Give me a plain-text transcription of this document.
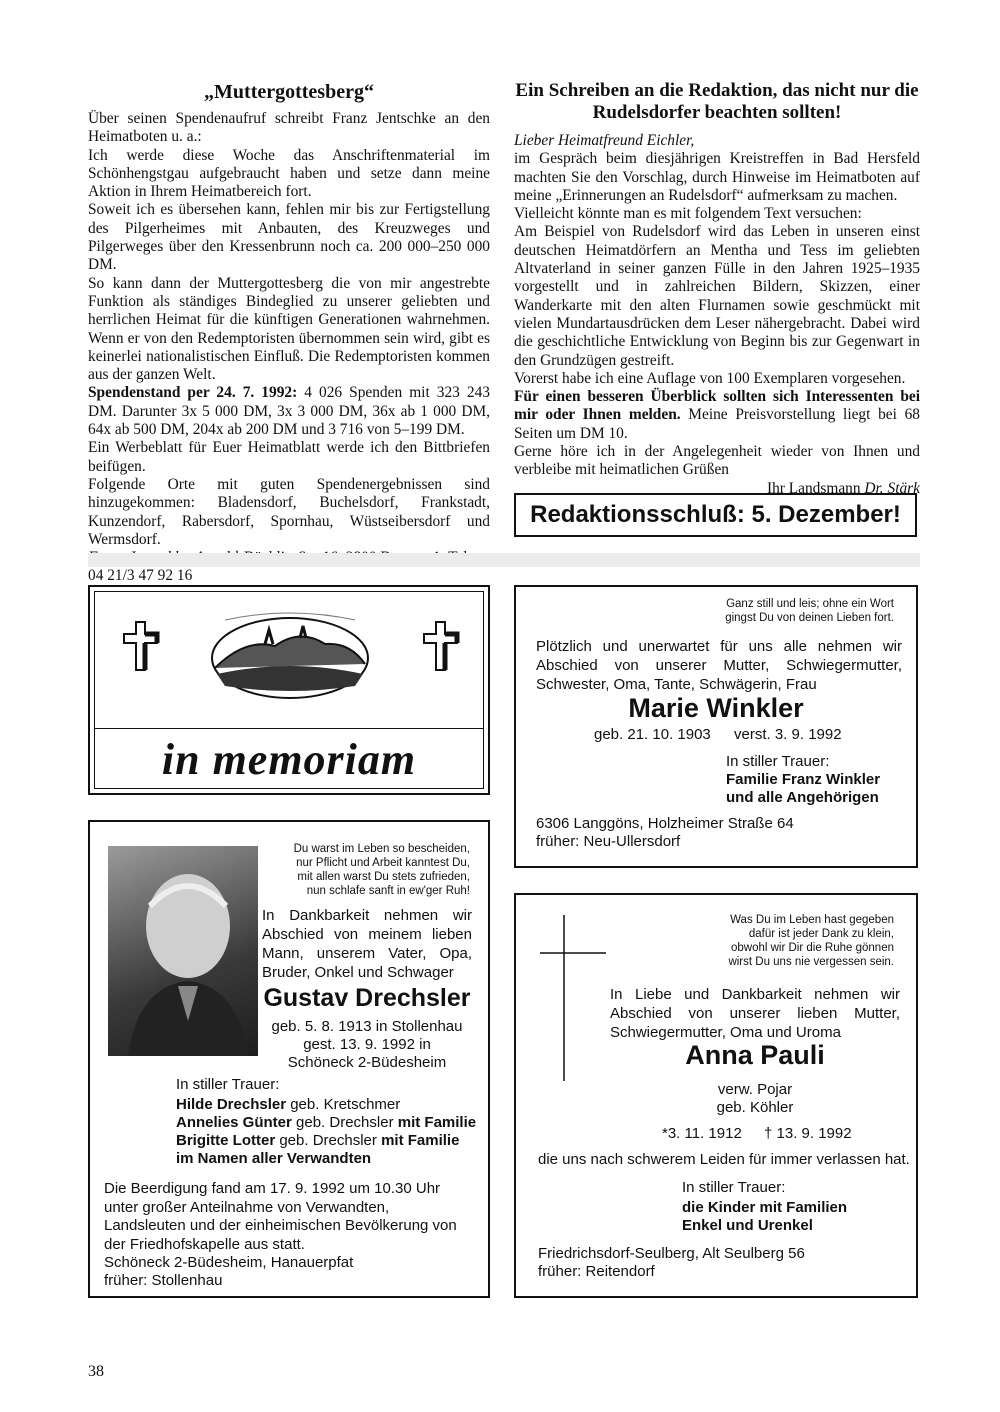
„Muttergottesberg“

Über seinen Spendenaufruf schreibt Franz Jentschke an den Heimatboten u. a.:

Ich werde diese Woche das Anschriftenmaterial im Schönhengstgau aufgebraucht haben und setze dann meine Aktion in Ihrem Heimatbereich fort.

Soweit ich es übersehen kann, fehlen mir bis zur Fertigstellung des Pilgerheimes mit Anbauten, des Kreuzweges und Pilgerweges über den Kressenbrunn noch ca. 200 000–250 000 DM.

So kann dann der Muttergottesberg die von mir angestrebte Funktion als ständiges Bindeglied zu unserer geliebten und herrlichen Heimat für die künftigen Generationen wahrnehmen. Wenn er von den Redemptoristen übernommen sein wird, gibt es keinerlei nationalistischen Einfluß. Die Redemptoristen kommen aus der ganzen Welt.

Spendenstand per 24. 7. 1992: 4 026 Spenden mit 323 243 DM. Darunter 3x 5 000 DM, 3x 3 000 DM, 36x ab 1 000 DM, 64x ab 500 DM, 204x ab 200 DM und 3 716 von 5–199 DM.

Ein Werbeblatt für Euer Heimatblatt werde ich den Bittbriefen beifügen.

Folgende Orte mit guten Spendenergebnissen sind hinzugekommen: Bladensdorf, Buchelsdorf, Frankstadt, Kunzendorf, Rabersdorf, Spornhau, Wüstseibersdorf und Wermsdorf.

04 21/3 47 92 16

Ein Schreiben an die Redaktion, das nicht nur die Rudelsdorfer beachten sollten!

Lieber Heimatfreund Eichler,

im Gespräch beim diesjährigen Kreistreffen in Bad Hersfeld machten Sie den Vorschlag, durch Hinweise im Heimatboten auf meine „Erinnerungen an Rudelsdorf“ aufmerksam zu machen.

Vielleicht könnte man es mit folgendem Text versuchen:

Am Beispiel von Rudelsdorf wird das Leben in unseren einst deutschen Heimatdörfern an Mentha und Tess im geliebten Altvaterland in seiner ganzen Fülle in den Jahren 1925–1935 vorgestellt und in zahlreichen Bildern, Skizzen, einer Wanderkarte mit den alten Flurnamen sowie geschmückt mit vielen Mundartausdrücken dem Leser nähergebracht. Dabei wird die geschichtliche Entwicklung von Beginn bis zur Gegenwart in den Grundzügen gestreift.

Vorerst habe ich eine Auflage von 100 Exemplaren vorgesehen.

Für einen besseren Überblick sollten sich Interessenten bei mir oder Ihnen melden. Meine Preisvorstellung liegt bei 68 Seiten um DM 10.

Gerne höre ich in der Angelegenheit wieder von Ihnen und verbleibe mit heimatlichen Grüßen

Ihr Landsmann Dr. Stärk

Redaktionsschluß: 5. Dezember!
in memoriam
Ganz still und leis; ohne ein Wort
gingst Du von deinen Lieben fort.

Plötzlich und unerwartet für uns alle nehmen wir Abschied von unserer Mutter, Schwiegermutter, Schwester, Oma, Tante, Schwägerin, Frau

Marie Winkler
geb. 21. 10. 1903 verst. 3. 9. 1992
In stiller Trauer:
Familie Franz Winkler
und alle Angehörigen
6306 Langgöns, Holzheimer Straße 64
früher: Neu-Ullersdorf
Du warst im Leben so bescheiden,
nur Pflicht und Arbeit kanntest Du,
mit allen warst Du stets zufrieden,
nun schlafe sanft in ew'ger Ruh!

In Dankbarkeit nehmen wir Abschied von meinem lieben Mann, unserem Vater, Opa, Bruder, Onkel und Schwager

Gustav Drechsler
geb. 5. 8. 1913 in Stollenhau
gest. 13. 9. 1992 in
Schöneck 2-Büdesheim
In stiller Trauer:
Hilde Drechsler geb. Kretschmer
Annelies Günter geb. Drechsler mit Familie
Brigitte Lotter geb. Drechsler mit Familie
im Namen aller Verwandten

Die Beerdigung fand am 17. 9. 1992 um 10.30 Uhr unter großer Anteilnahme von Verwandten, Landsleuten und der einheimischen Bevölkerung von der Friedhofskapelle aus statt.

Schöneck 2-Büdesheim, Hanauerpfat
früher: Stollenhau
Was Du im Leben hast gegeben
dafür ist jeder Dank zu klein,
obwohl wir Dir die Ruhe gönnen
wirst Du uns nie vergessen sein.

In Liebe und Dankbarkeit nehmen wir Abschied von unserer lieben Mutter, Schwiegermutter, Oma und Uroma

Anna Pauli
verw. Pojar
geb. Köhler
*3. 11. 1912 † 13. 9. 1992
die uns nach schwerem Leiden für immer verlassen hat.
In stiller Trauer:
die Kinder mit Familien
Enkel und Urenkel
Friedrichsdorf-Seulberg, Alt Seulberg 56
früher: Reitendorf
38
